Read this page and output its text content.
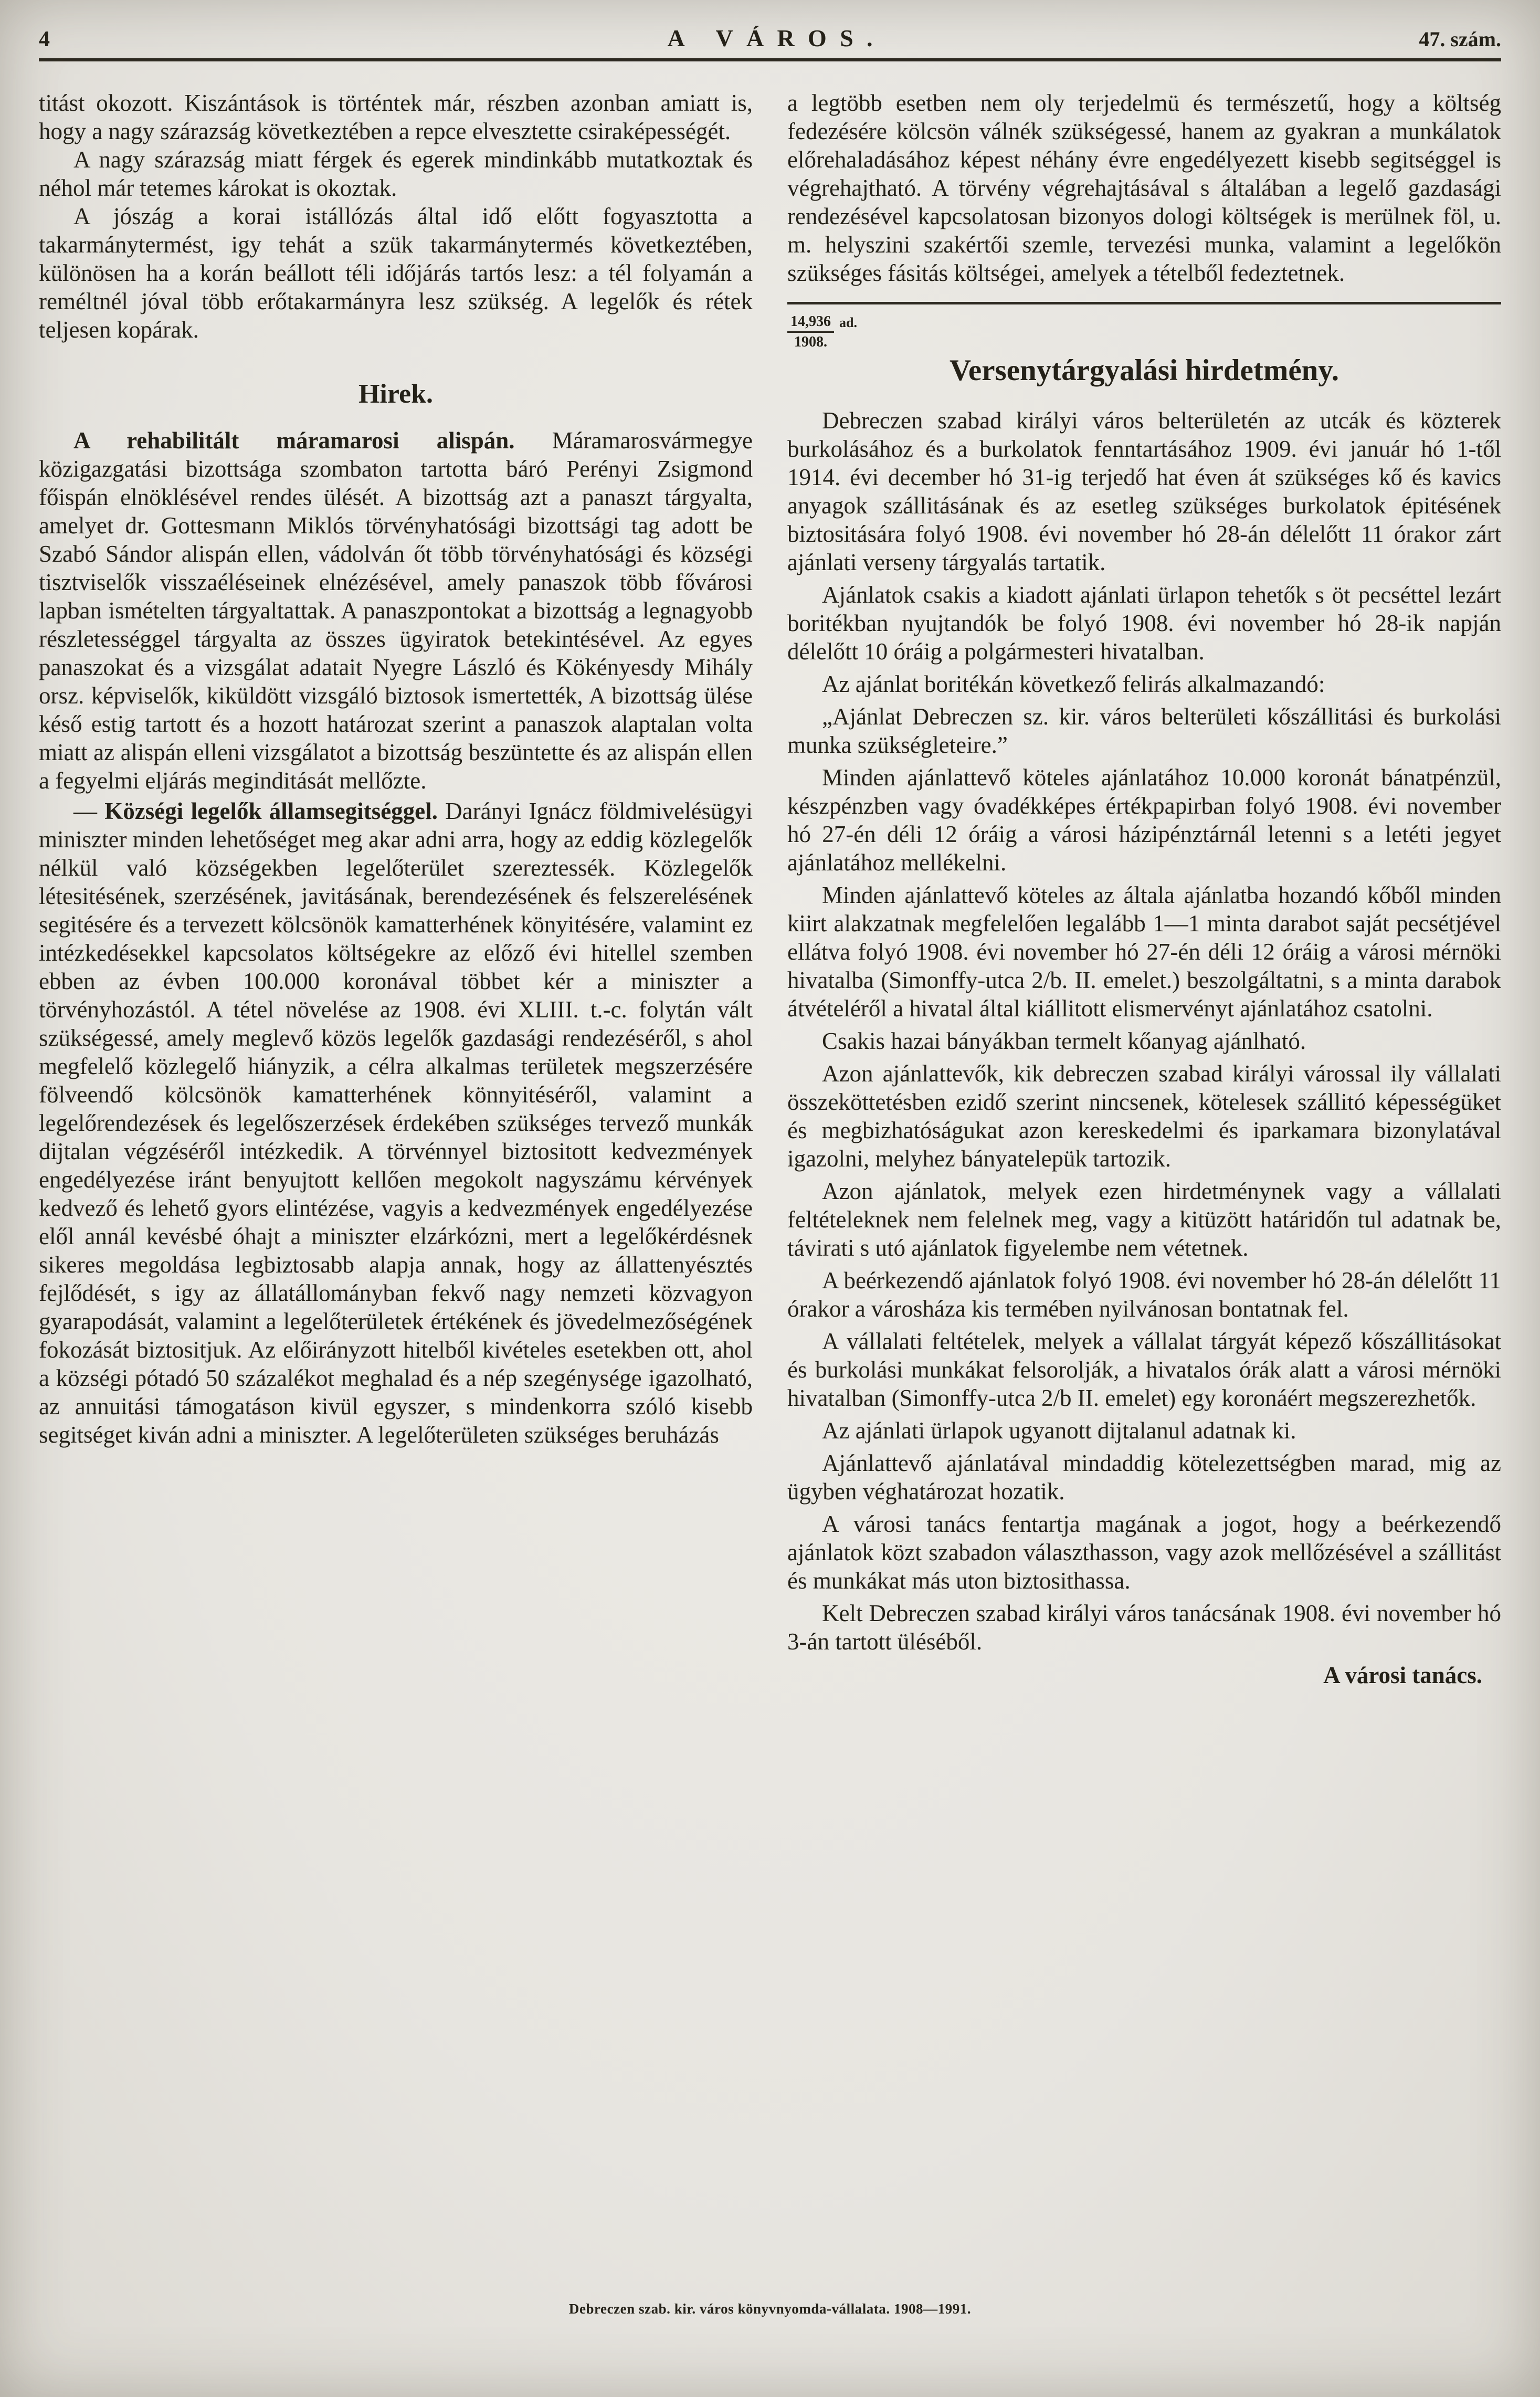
4	A VÁROS.	47. szám.

titást okozott. Kiszántások is történtek már, részben azonban amiatt is, hogy a nagy szárazság következtében a repce elvesztette csiraképességét.

A nagy szárazság miatt férgek és egerek mindinkább mutatkoztak és néhol már tetemes károkat is okoztak.

A jószág a korai istállózás által idő előtt fogyasztotta a takarmánytermést, igy tehát a szük takarmánytermés következtében, különösen ha a korán beállott téli időjárás tartós lesz: a tél folyamán a reméltnél jóval több erőtakarmányra lesz szükség. A legelők és rétek teljesen kopárak.

Hirek.

A rehabilitált máramarosi alispán. Máramarosvármegye közigazgatási bizottsága szombaton tartotta báró Perényi Zsigmond főispán elnöklésével rendes ülését. A bizottság azt a panaszt tárgyalta, amelyet dr. Gottesmann Miklós törvényhatósági bizottsági tag adott be Szabó Sándor alispán ellen, vádolván őt több törvényhatósági és községi tisztviselők visszaéléseinek elnézésével, amely panaszok több fővárosi lapban ismételten tárgyaltattak. A panaszpontokat a bizottság a legnagyobb részletességgel tárgyalta az összes ügyiratok betekintésével. Az egyes panaszokat és a vizsgálat adatait Nyegre László és Kökényesdy Mihály orsz. képviselők, kiküldött vizsgáló biztosok ismertették, A bizottság ülése késő estig tartott és a hozott határozat szerint a panaszok alaptalan volta miatt az alispán elleni vizsgálatot a bizottság beszüntette és az alispán ellen a fegyelmi eljárás meginditását mellőzte.

— Községi legelők államsegitséggel. Darányi Ignácz földmivelésügyi miniszter minden lehetőséget meg akar adni arra, hogy az eddig közlegelők nélkül való községekben legelőterület szereztessék. Közlegelők létesitésének, szerzésének, javitásának, berendezésének és felszerelésének segitésére és a tervezett kölcsönök kamatterhének könyitésére, valamint ez intézkedésekkel kapcsolatos költségekre az előző évi hitellel szemben ebben az évben 100.000 koronával többet kér a miniszter a törvényhozástól. A tétel növelése az 1908. évi XLIII. t.-c. folytán vált szükségessé, amely meglevő közös legelők gazdasági rendezéséről, s ahol megfelelő közlegelő hiányzik, a célra alkalmas területek megszerzésére fölveendő kölcsönök kamatterhének könnyitéséről, valamint a legelőrendezések és legelőszerzések érdekében szükséges tervező munkák dijtalan végzéséről intézkedik. A törvénnyel biztositott kedvezmények engedélyezése iránt benyujtott kellően megokolt nagyszámu kérvények kedvező és lehető gyors elintézése, vagyis a kedvezmények engedélyezése elől annál kevésbé óhajt a miniszter elzárkózni, mert a legelőkérdésnek sikeres megoldása legbiztosabb alapja annak, hogy az állattenyésztés fejlődését, s igy az állatállományban fekvő nagy nemzeti közvagyon gyarapodását, valamint a legelőterületek értékének és jövedelmezőségének fokozását biztositjuk. Az előirányzott hitelből kivételes esetekben ott, ahol a községi pótadó 50 százalékot meghalad és a nép szegénysége igazolható, az annuitási támogatáson kivül egyszer, s mindenkorra szóló kisebb segitséget kiván adni a miniszter. A legelőterületen szükséges beruházás

a legtöbb esetben nem oly terjedelmü és természetű, hogy a költség fedezésére kölcsön válnék szükségessé, hanem az gyakran a munkálatok előrehaladásához képest néhány évre engedélyezett kisebb segitséggel is végrehajtható. A törvény végrehajtásával s általában a legelő gazdasági rendezésével kapcsolatosan bizonyos dologi költségek is merülnek föl, u. m. helyszini szakértői szemle, tervezési munka, valamint a legelőkön szükséges fásitás költségei, amelyek a tételből fedeztetnek.

$\frac{14,936}{1908.}$ ad.
Versenytárgyalási hirdetmény.

Debreczen szabad királyi város belterületén az utcák és közterek burkolásához és a burkolatok fenntartásához 1909. évi január hó 1-től 1914. évi december hó 31-ig terjedő hat éven át szükséges kő és kavics anyagok szállitásának és az esetleg szükséges burkolatok épitésének biztositására folyó 1908. évi november hó 28-án délelőtt 11 órakor zárt ajánlati verseny tárgyalás tartatik.

Ajánlatok csakis a kiadott ajánlati ürlapon tehetők s öt pecséttel lezárt boritékban nyujtandók be folyó 1908. évi november hó 28-ik napján délelőtt 10 óráig a polgármesteri hivatalban.

Az ajánlat boritékán következő felirás alkalmazandó:

„Ajánlat Debreczen sz. kir. város belterületi kőszállitási és burkolási munka szükségleteire.”

Minden ajánlattevő köteles ajánlatához 10.000 koronát bánatpénzül, készpénzben vagy óvadékképes értékpapirban folyó 1908. évi november hó 27-én déli 12 óráig a városi házipénztárnál letenni s a letéti jegyet ajánlatához mellékelni.

Minden ajánlattevő köteles az általa ajánlatba hozandó kőből minden kiirt alakzatnak megfelelően legalább 1—1 minta darabot saját pecsétjével ellátva folyó 1908. évi november hó 27-én déli 12 óráig a városi mérnöki hivatalba (Simonffy-utca 2/b. II. emelet.) beszolgáltatni, s a minta darabok átvételéről a hivatal által kiállitott elismervényt ajánlatához csatolni.

Csakis hazai bányákban termelt kőanyag ajánlható.

Azon ajánlattevők, kik debreczen szabad királyi várossal ily vállalati összeköttetésben ezidő szerint nincsenek, kötelesek szállitó képességüket és megbizhatóságukat azon kereskedelmi és iparkamara bizonylatával igazolni, melyhez bányatelepük tartozik.

Azon ajánlatok, melyek ezen hirdetménynek vagy a vállalati feltételeknek nem felelnek meg, vagy a kitüzött határidőn tul adatnak be, távirati s utó ajánlatok figyelembe nem vétetnek.

A beérkezendő ajánlatok folyó 1908. évi november hó 28-án délelőtt 11 órakor a városháza kis termében nyilvánosan bontatnak fel.

A vállalati feltételek, melyek a vállalat tárgyát képező kőszállitásokat és burkolási munkákat felsorolják, a hivatalos órák alatt a városi mérnöki hivatalban (Simonffy-utca 2/b II. emelet) egy koronáért megszerezhetők.

Az ajánlati ürlapok ugyanott dijtalanul adatnak ki.

Ajánlattevő ajánlatával mindaddig kötelezettségben marad, mig az ügyben véghatározat hozatik.

A városi tanács fentartja magának a jogot, hogy a beérkezendő ajánlatok közt szabadon választhasson, vagy azok mellőzésével a szállitást és munkákat más uton biztosithassa.

Kelt Debreczen szabad királyi város tanácsának 1908. évi november hó 3-án tartott üléséből.

A városi tanács.

Debreczen szab. kir. város könyvnyomda-vállalata. 1908—1991.
